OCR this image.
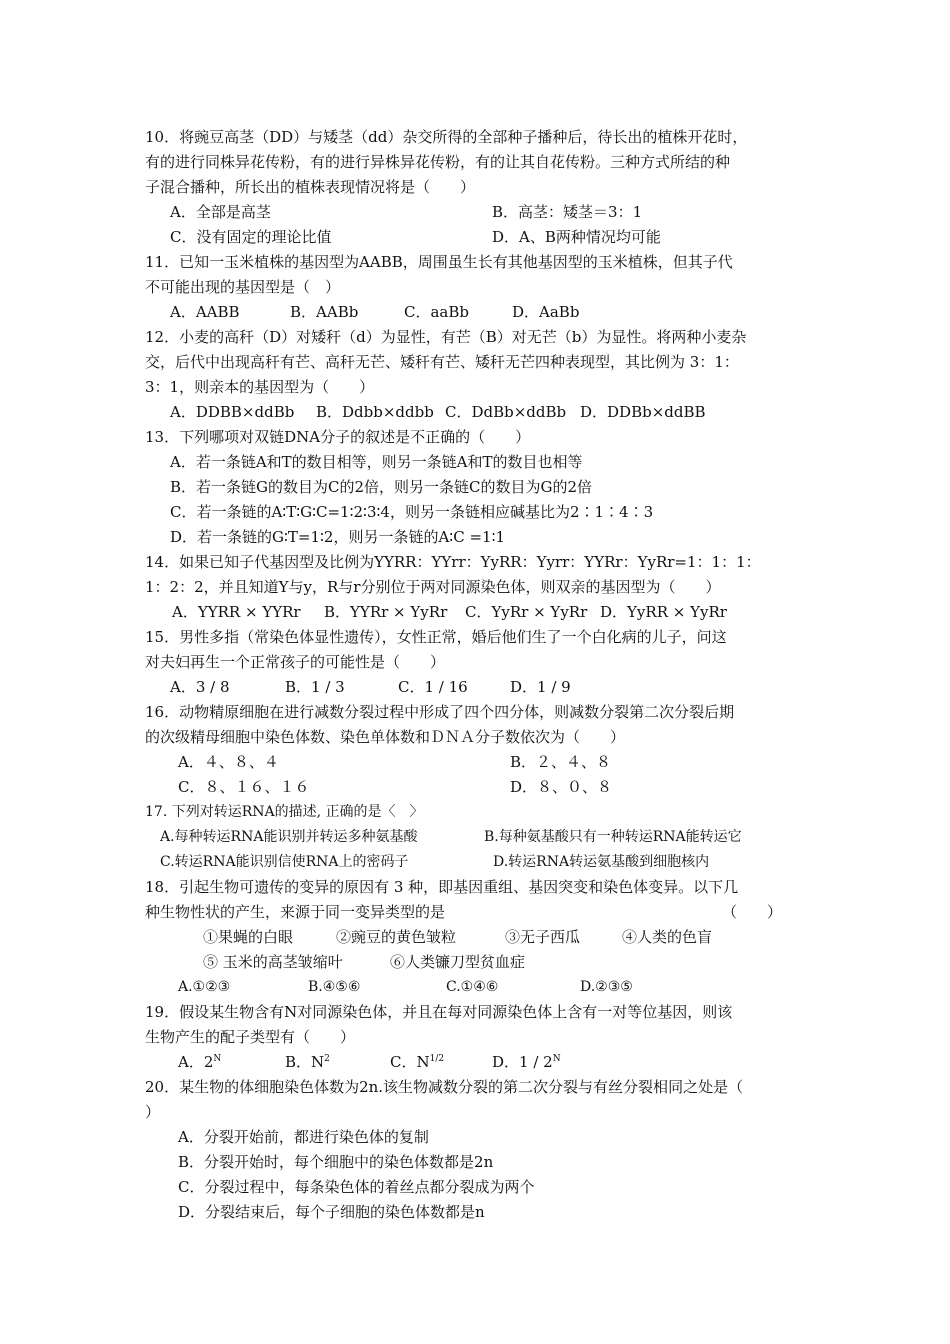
10．将豌豆高茎（DD）与矮茎（dd）杂交所得的全部种子播种后，待长出的植株开花时，
有的进行同株异花传粉，有的进行异株异花传粉，有的让其自花传粉。三种方式所结的种
子混合播种，所长出的植株表现情况将是（　　）
A．全部是高茎	B．高茎：矮茎＝3：1
C．没有固定的理论比值	D．A、B两种情况均可能
11．已知一玉米植株的基因型为AABB，周围虽生长有其他基因型的玉米植株，但其子代
不可能出现的基因型是（　）
A．AABB	B．AABb	C．aaBb	D．AaBb
12．小麦的高秆（D）对矮秆（d）为显性，有芒（B）对无芒（b）为显性。将两种小麦杂
交，后代中出现高秆有芒、高秆无芒、矮秆有芒、矮秆无芒四种表现型，其比例为 3：1：
3：1，则亲本的基因型为（　　）
A．DDBB×ddBb B．Ddbb×ddbb C．DdBb×ddBb D．DDBb×ddBB
13．下列哪项对双链DNA分子的叙述是不正确的（　　）
A．若一条链A和T的数目相等，则另一条链A和T的数目也相等
B．若一条链G的数目为C的2倍，则另一条链C的数目为G的2倍
C．若一条链的A∶T∶G∶C=1∶2∶3∶4，则另一条链相应碱基比为2∶1∶4∶3
D．若一条链的G∶T=1∶2，则另一条链的A∶C =1∶1
14．如果已知子代基因型及比例为YYRR：YYrr：YyRR：Yyrr：YYRr：YyRr=1：1：1：
1：2：2，并且知道Y与y，R与r分别位于两对同源染色体，则双亲的基因型为（　　）
A．YYRR × YYRr B．YYRr × YyRr C．YyRr × YyRr D．YyRR × YyRr
15．男性多指（常染色体显性遗传），女性正常，婚后他们生了一个白化病的儿子，问这
对夫妇再生一个正常孩子的可能性是（　　）
A．3 / 8	B．1 / 3	C．1 / 16	D．1 / 9
16．动物精原细胞在进行减数分裂过程中形成了四个四分体，则减数分裂第二次分裂后期
的次级精母细胞中染色体数、染色单体数和ＤＮＡ分子数依次为（　　）
A．４、８、４	B．２、４、８
C．８、１６、１６	D．８、０、８
17. 下列对转运RNA的描述, 正确的是〈　〉
A.每种转运RNA能识别并转运多种氨基酸	B.每种氨基酸只有一种转运RNA能转运它
C.转运RNA能识别信使RNA上的密码子	D.转运RNA转运氨基酸到细胞核内
18．引起生物可遗传的变异的原因有 3 种，即基因重组、基因突变和染色体变异。以下几
种生物性状的产生，来源于同一变异类型的是	（　　）
①果蝇的白眼	②豌豆的黄色皱粒	③无子西瓜	④人类的色盲
⑤ 玉米的高茎皱缩叶	⑥人类镰刀型贫血症
A.①②③	B.④⑤⑥	C.①④⑥	D.②③⑤
19．假设某生物含有N对同源染色体，并且在每对同源染色体上含有一对等位基因，则该
生物产生的配子类型有（　　）
A．$2^N$	B．$N^2$	C．$N^{1/2}$	D．$1 / 2^N$
20．某生物的体细胞染色体数为2n.该生物减数分裂的第二次分裂与有丝分裂相同之处是（
）
A．分裂开始前，都进行染色体的复制
B．分裂开始时，每个细胞中的染色体数都是2n
C．分裂过程中，每条染色体的着丝点都分裂成为两个
D．分裂结束后，每个子细胞的染色体数都是n
